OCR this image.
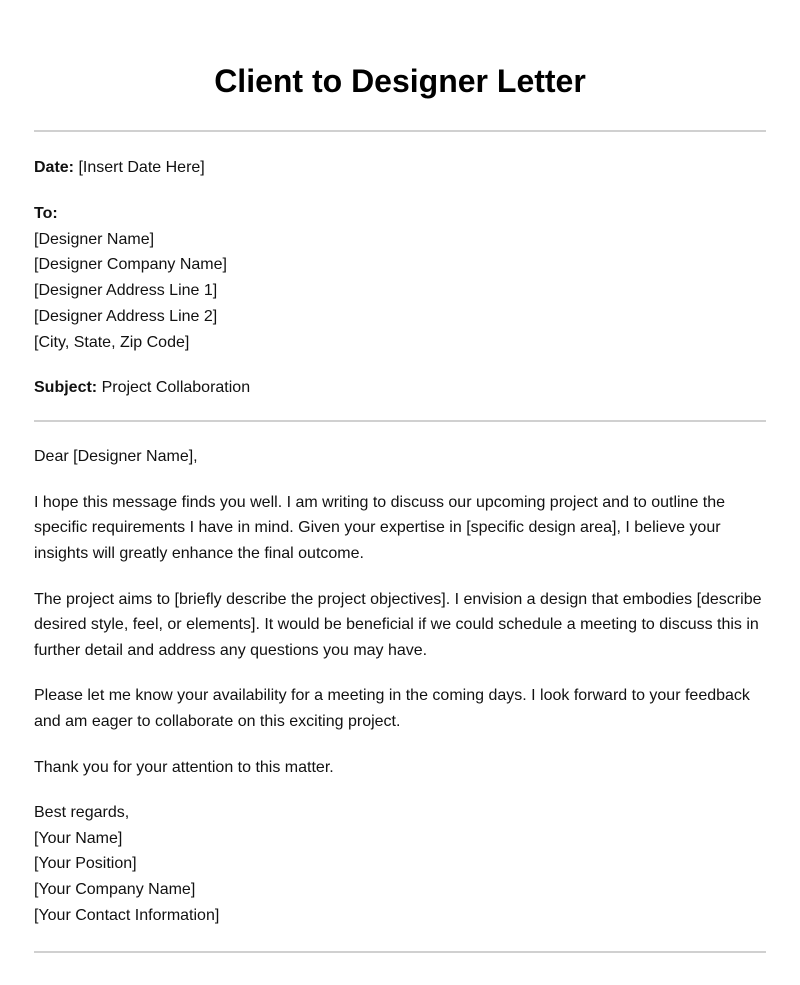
Client to Designer Letter

Date: [Insert Date Here]

To:
[Designer Name]
[Designer Company Name]
[Designer Address Line 1]
[Designer Address Line 2]
[City, State, Zip Code]

Subject: Project Collaboration

Dear [Designer Name],

I hope this message finds you well. I am writing to discuss our upcoming project and to outline the specific requirements I have in mind. Given your expertise in [specific design area], I believe your insights will greatly enhance the final outcome.

The project aims to [briefly describe the project objectives]. I envision a design that embodies [describe desired style, feel, or elements]. It would be beneficial if we could schedule a meeting to discuss this in further detail and address any questions you may have.

Please let me know your availability for a meeting in the coming days. I look forward to your feedback and am eager to collaborate on this exciting project.

Thank you for your attention to this matter.

Best regards,
[Your Name]
[Your Position]
[Your Company Name]
[Your Contact Information]
